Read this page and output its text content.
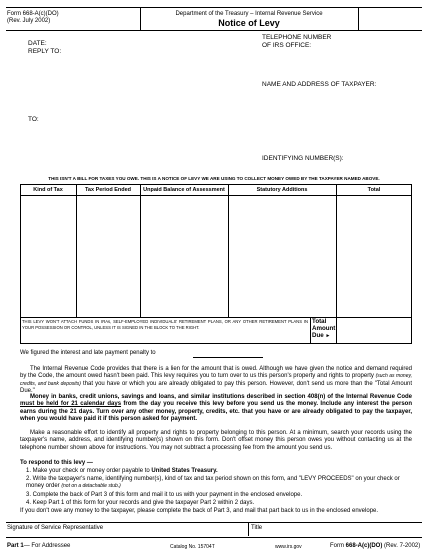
Form 668-A(c)(DO)
(Rev. July 2002)
Department of the Treasury – Internal Revenue Service
Notice of Levy
DATE:
REPLY TO:
TELEPHONE NUMBER
OF IRS OFFICE:
NAME AND ADDRESS OF TAXPAYER:
TO:
IDENTIFYING NUMBER(S):
THIS ISN'T A BILL FOR TAXES YOU OWE. THIS IS A NOTICE OF LEVY WE ARE USING TO COLLECT MONEY OWED BY THE TAXPAYER NAMED ABOVE.
Kind of Tax	Tax Period Ended	Unpaid Balance of Assessment	Statutory Additions	Total
THIS LEVY WON'T ATTACH FUNDS IN IRAs, SELF-EMPLOYED INDIVIDUALS' RETIREMENT PLANS, OR ANY OTHER RETIREMENT PLANS IN YOUR POSSESSION OR CONTROL, UNLESS IT IS SIGNED IN THE BLOCK TO THE RIGHT.
Total
Amount
Due ►
We figured the interest and late payment penalty to
The Internal Revenue Code provides that there is a lien for the amount that is owed. Although we have given the notice and demand required by the Code, the amount owed hasn't been paid. This levy requires you to turn over to us this person's property and rights to property (such as money, credits, and bank deposits) that you have or which you are already obligated to pay this person. However, don't send us more than the "Total Amount Due."
Money in banks, credit unions, savings and loans, and similar institutions described in section 408(n) of the Internal Revenue Code must be held for 21 calendar days from the day you receive this levy before you send us the money. Include any interest the person earns during the 21 days. Turn over any other money, property, credits, etc. that you have or are already obligated to pay the taxpayer, when you would have paid it if this person asked for payment.
Make a reasonable effort to identify all property and rights to property belonging to this person. At a minimum, search your records using the taxpayer's name, address, and identifying number(s) shown on this form. Don't offset money this person owes you without contacting us at the telephone number shown above for instructions. You may not subtract a processing fee from the amount you send us.
To respond to this levy —
1. Make your check or money order payable to United States Treasury.
2. Write the taxpayer's name, identifying number(s), kind of tax and tax period shown on this form, and "LEVY PROCEEDS" on your check or money order (not on a detachable stub.)
3. Complete the back of Part 3 of this form and mail it to us with your payment in the enclosed envelope.
4. Keep Part 1 of this form for your records and give the taxpayer Part 2 within 2 days.
If you don't owe any money to the taxpayer, please complete the back of Part 3, and mail that part back to us in the enclosed envelope.
Signature of Service Representative	Title
Part 1— For Addressee	Catalog No. 15704T	www.irs.gov	Form 668-A(c)(DO) (Rev. 7-2002)
